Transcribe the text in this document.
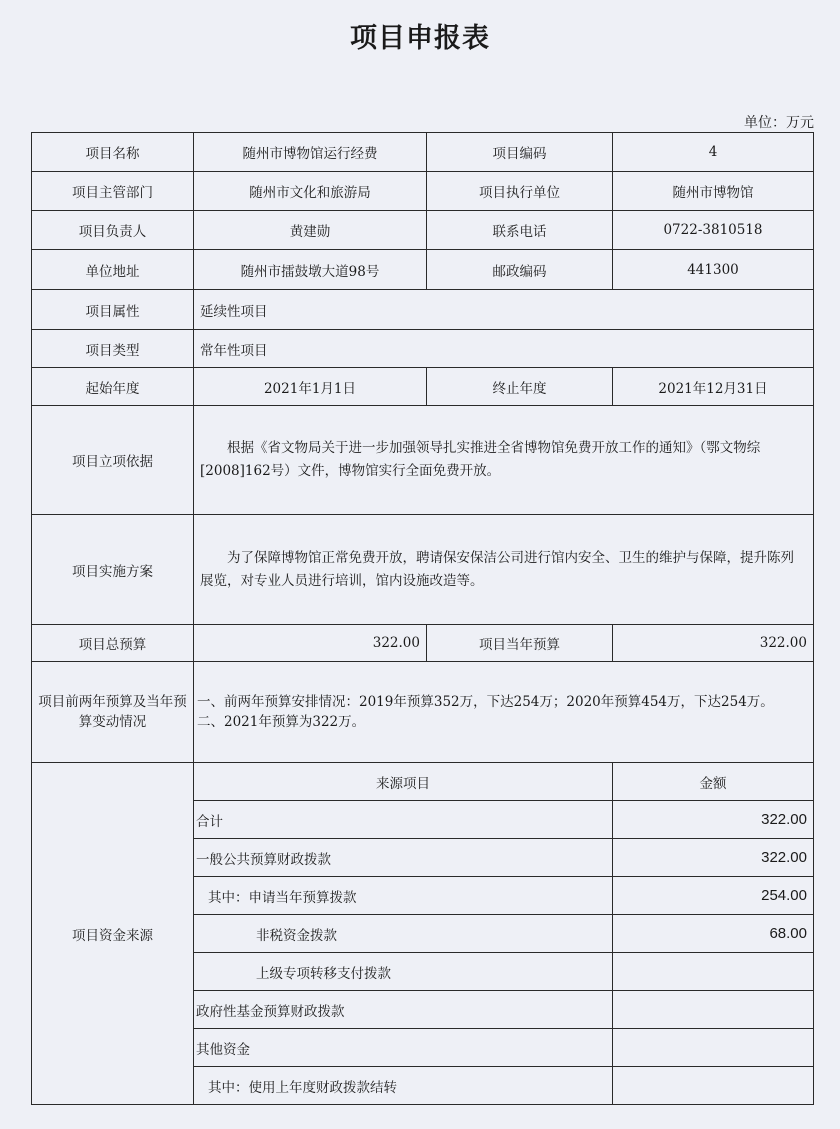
项目申报表
单位：万元
项目名称	随州市博物馆运行经费	项目编码	4
项目主管部门	随州市文化和旅游局	项目执行单位	随州市博物馆
项目负责人	黄建勋	联系电话	0722-3810518
单位地址	随州市擂鼓墩大道98号	邮政编码	441300
项目属性	延续性项目		
项目类型	常年性项目		
起始年度	2021年1月1日	终止年度	2021年12月31日
项目立项依据	根据《省文物局关于进一步加强领导扎实推进全省博物馆免费开放工作的通知》（鄂文物综[2008]162号）文件，博物馆实行全面免费开放。		
项目实施方案	为了保障博物馆正常免费开放，聘请保安保洁公司进行馆内安全、卫生的维护与保障，提升陈列展览，对专业人员进行培训，馆内设施改造等。		
项目总预算	322.00	项目当年预算	322.00
项目前两年预算及当年预算变动情况	一、前两年预算安排情况：2019年预算352万，下达254万；2020年预算454万，下达254万。
二、2021年预算为322万。		

项目资金来源	来源项目		金额
	合计		322.00
	一般公共预算财政拨款		322.00
	其中：申请当年预算拨款		254.00
	非税资金拨款		68.00
	上级专项转移支付拨款		
	政府性基金预算财政拨款		
	其他资金		
	其中：使用上年度财政拨款结转		
